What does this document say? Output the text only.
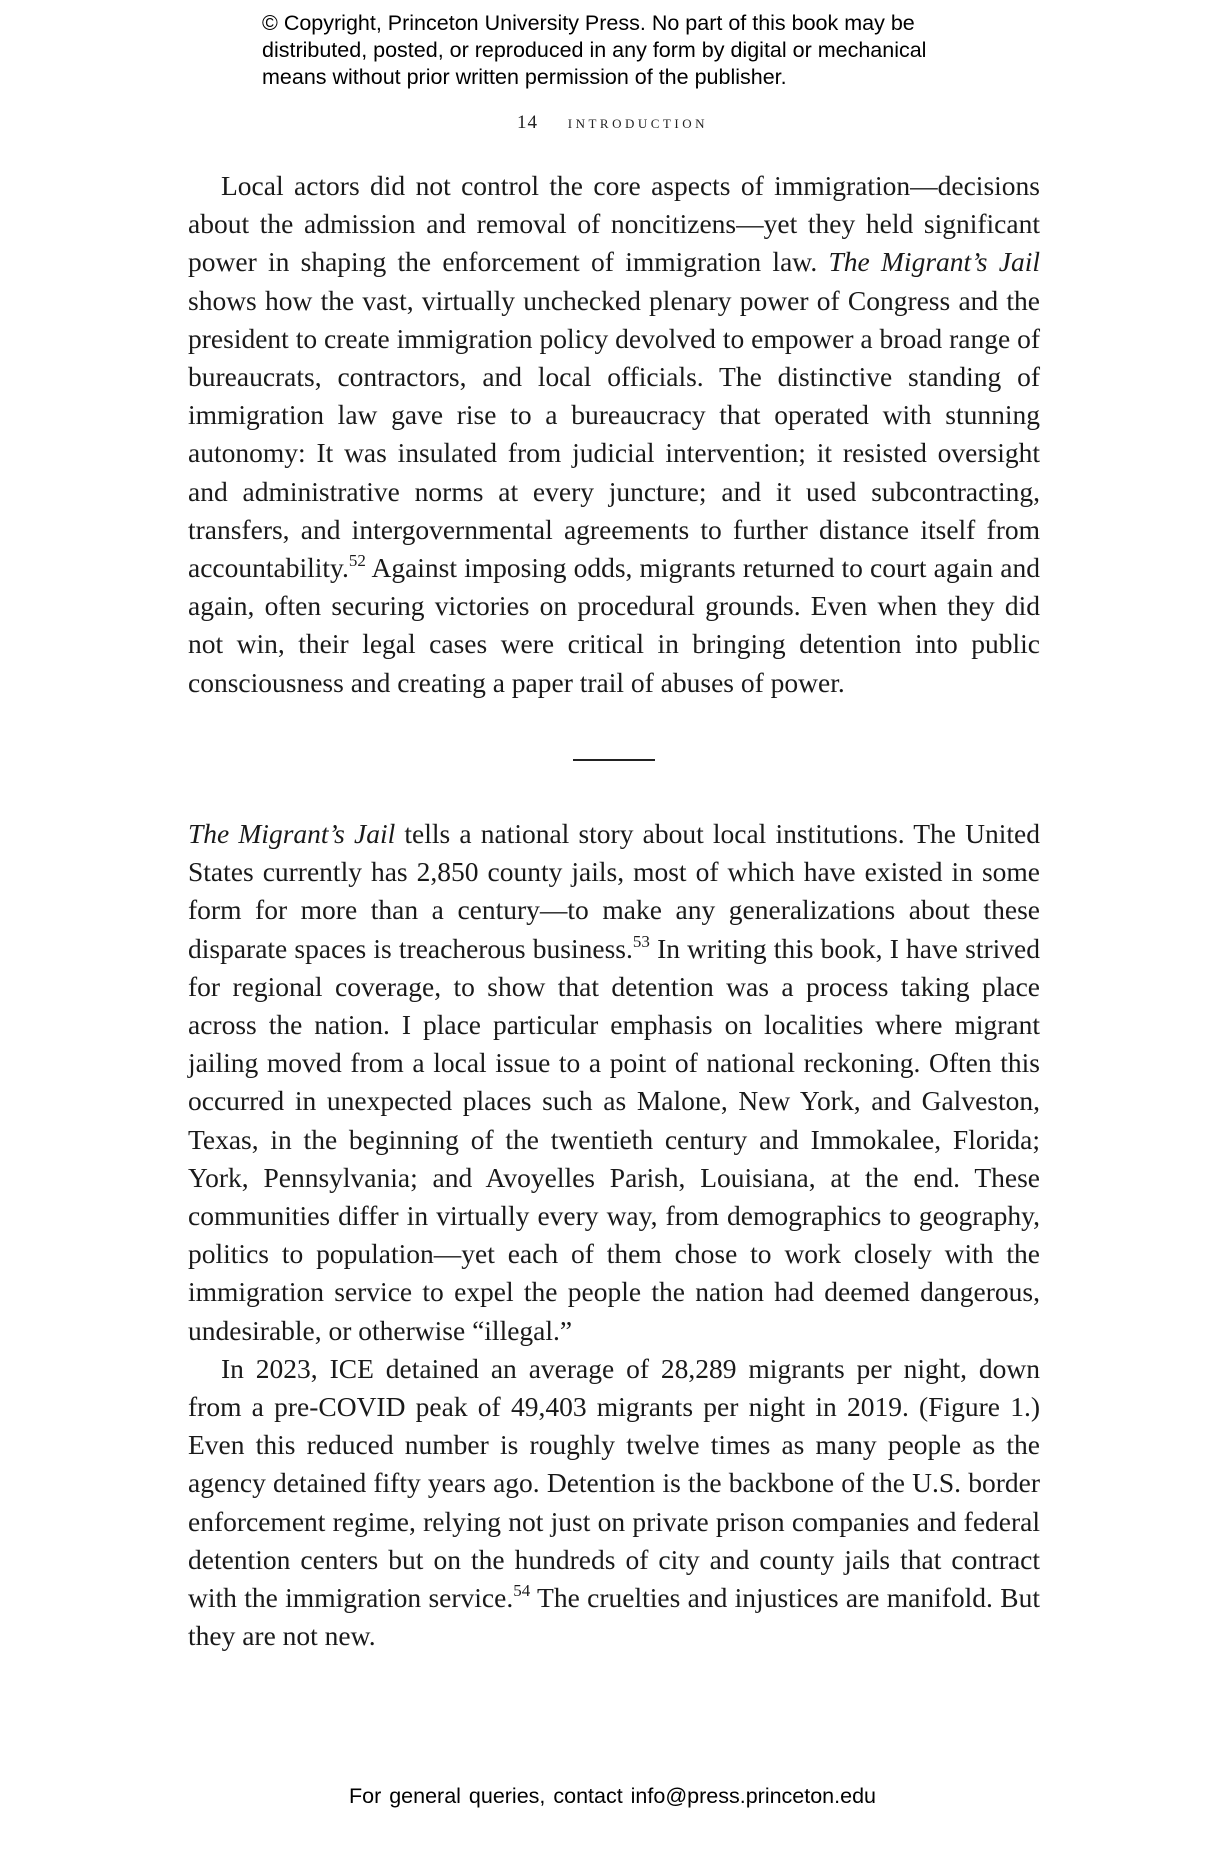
© Copyright, Princeton University Press. No part of this book may be distributed, posted, or reproduced in any form by digital or mechanical means without prior written permission of the publisher.
14 introduction

Local actors did not control the core aspects of immigration—decisions about the admission and removal of noncitizens—yet they held significant power in shaping the enforcement of immigration law. The Migrant’s Jail shows how the vast, virtually unchecked plenary power of Congress and the president to create immigration policy devolved to empower a broad range of bureaucrats, contractors, and local officials. The distinctive standing of immigration law gave rise to a bureaucracy that operated with stunning autonomy: It was insulated from judicial intervention; it resisted oversight and administrative norms at every juncture; and it used subcontracting, transfers, and intergovernmental agreements to further distance itself from accountability.$^{52}$ Against imposing odds, migrants returned to court again and again, often securing victories on procedural grounds. Even when they did not win, their legal cases were critical in bringing detention into public consciousness and creating a paper trail of abuses of power.

The Migrant’s Jail tells a national story about local institutions. The United States currently has 2,850 county jails, most of which have existed in some form for more than a century—to make any generalizations about these disparate spaces is treacherous business.$^{53}$ In writing this book, I have strived for regional coverage, to show that detention was a process taking place across the nation. I place particular emphasis on localities where migrant jailing moved from a local issue to a point of national reckoning. Often this occurred in unexpected places such as Malone, New York, and Galveston, Texas, in the beginning of the twentieth century and Immokalee, Florida; York, Pennsylvania; and Avoyelles Parish, Louisiana, at the end. These communities differ in virtually every way, from demographics to geography, politics to population—yet each of them chose to work closely with the immigration service to expel the people the nation had deemed dangerous, undesirable, or otherwise “illegal.”

In 2023, ICE detained an average of 28,289 migrants per night, down from a pre-COVID peak of 49,403 migrants per night in 2019. (Figure 1.) Even this reduced number is roughly twelve times as many people as the agency detained fifty years ago. Detention is the backbone of the U.S. border enforcement regime, relying not just on private prison companies and federal detention centers but on the hundreds of city and county jails that contract with the immigration service.$^{54}$ The cruelties and injustices are manifold. But they are not new.

For general queries, contact info@press.princeton.edu
